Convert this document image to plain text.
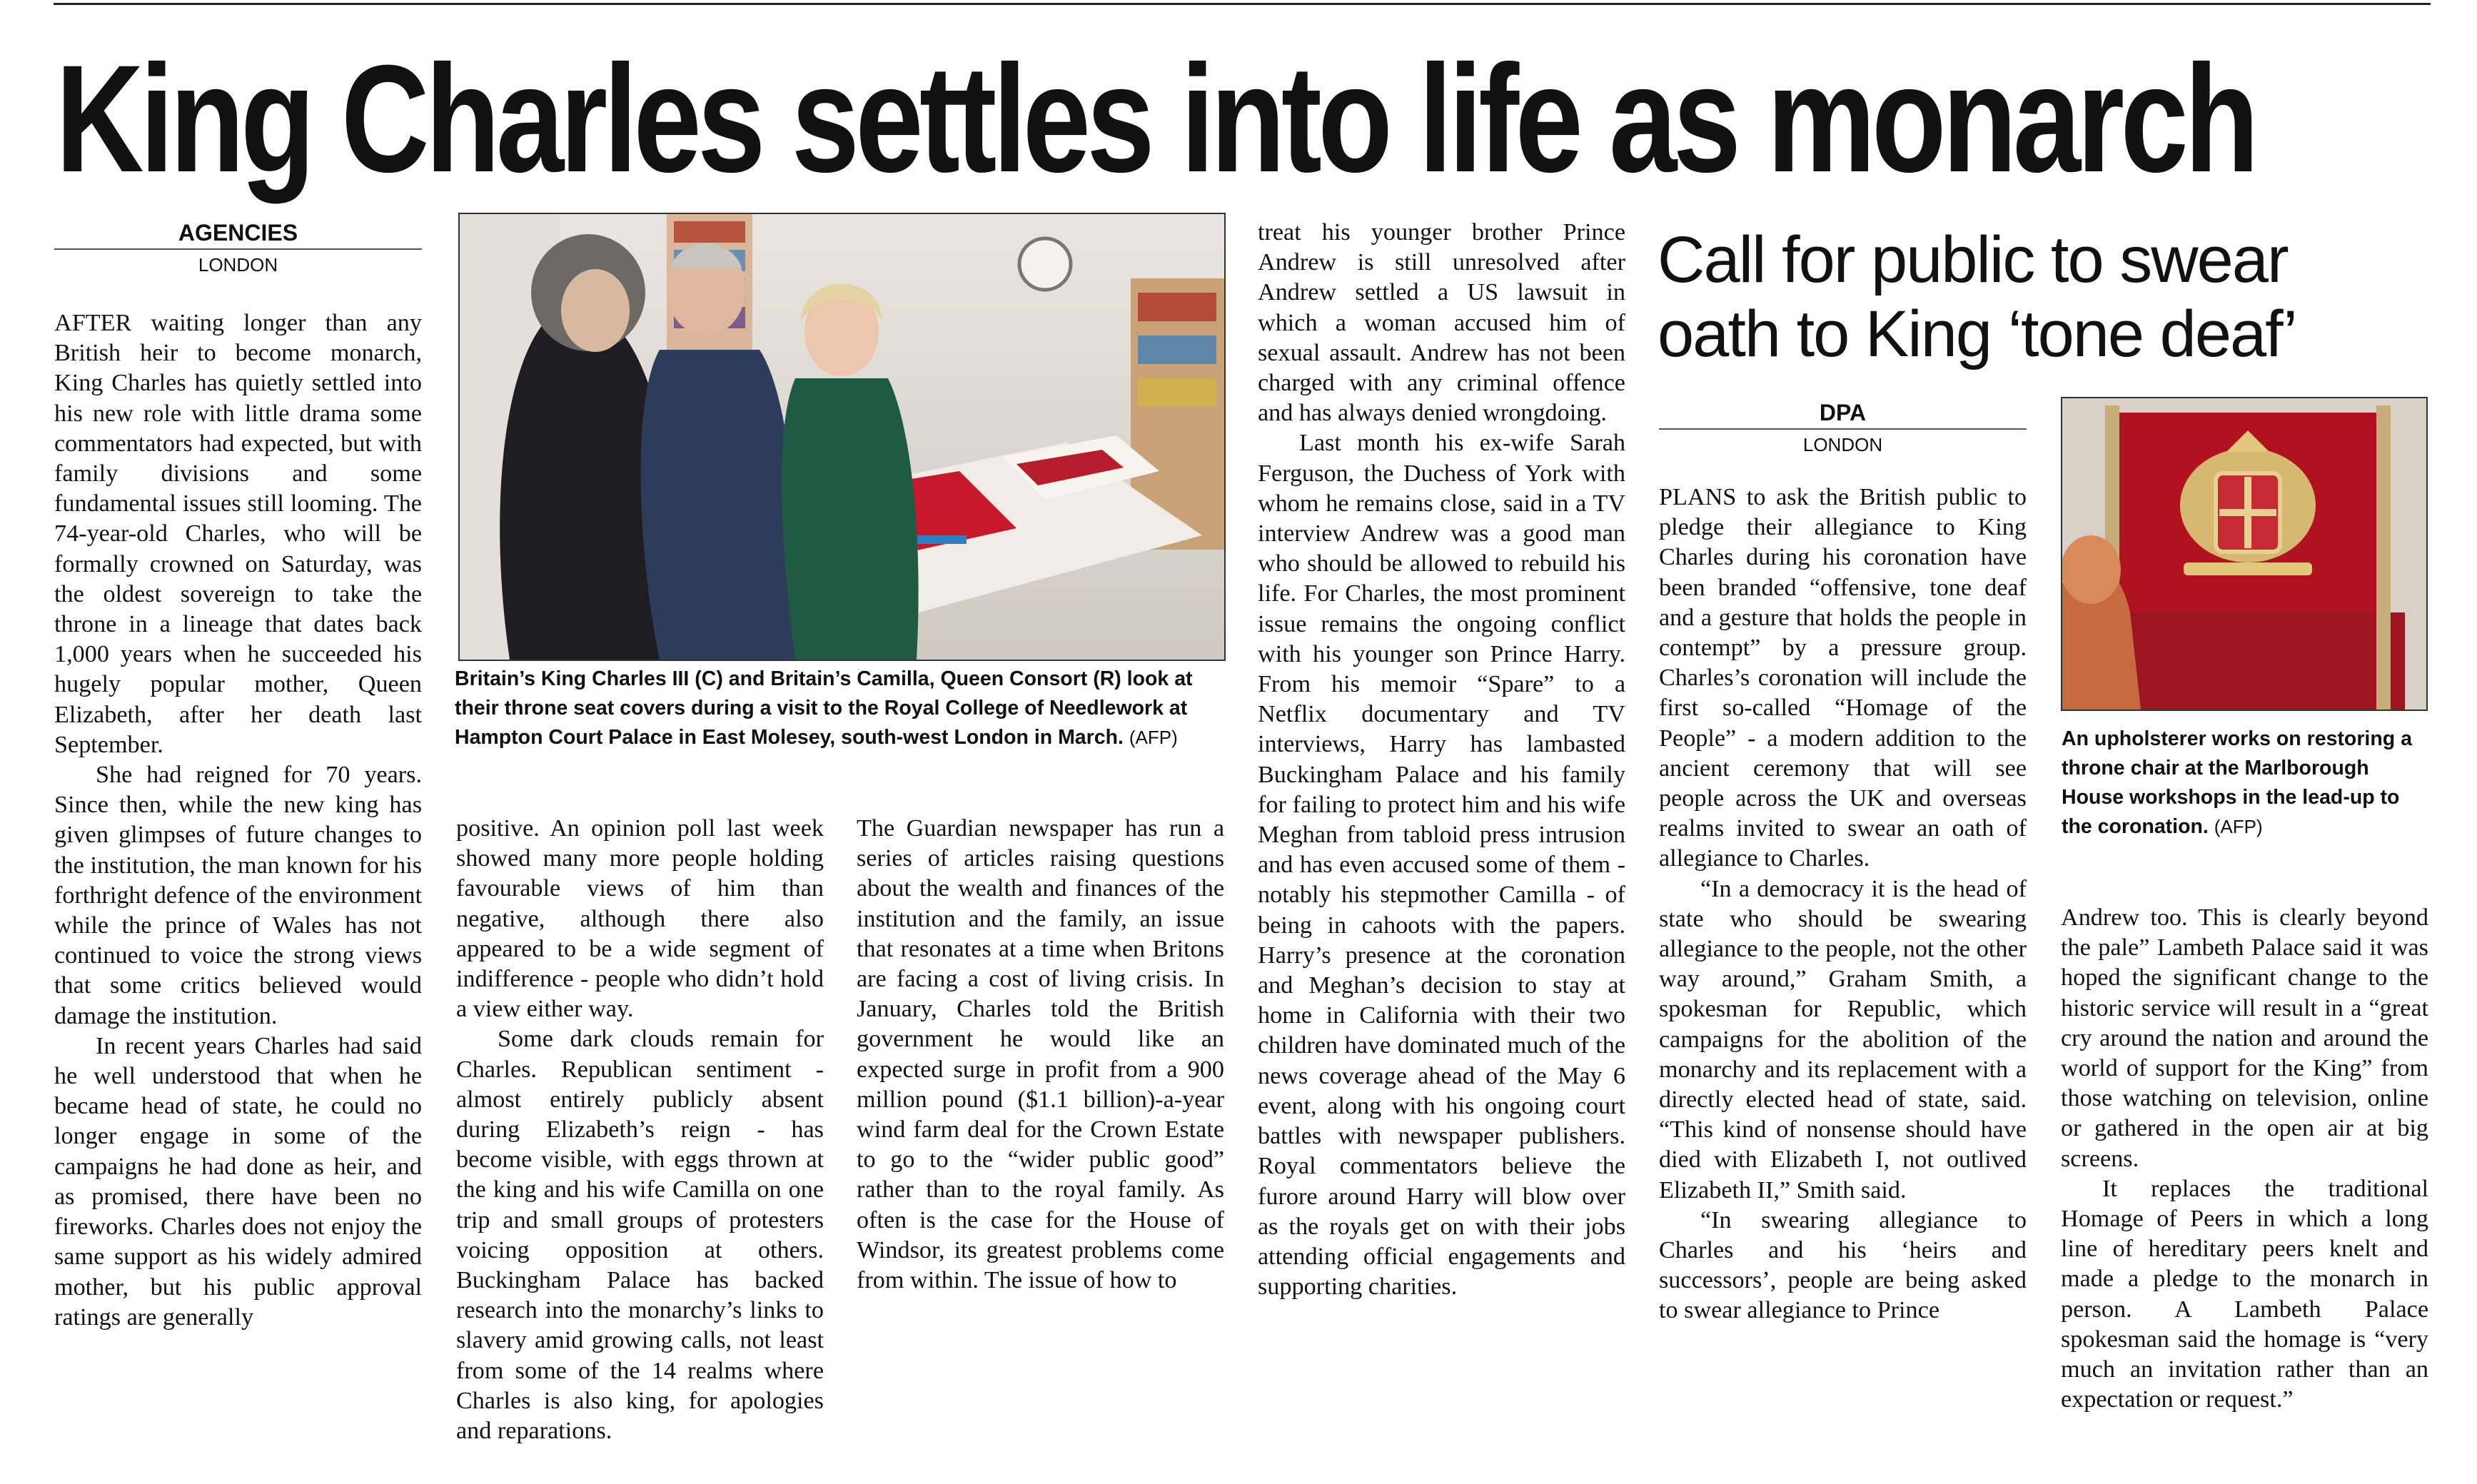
King Charles settles into life as monarch
AGENCIES
LONDON
Britain’s King Charles III (C) and Britain’s Camilla, Queen Consort (R) look at their throne seat covers during a visit to the Royal College of Needlework at Hampton Court Palace in East Molesey, south-west London in March. (AFP)

AFTER waiting longer than any British heir to become monarch, King Charles has quietly settled into his new role with little drama some commentators had expected, but with family divisions and some fundamental issues still looming. The 74-year-old Charles, who will be formally crowned on Saturday, was the oldest sovereign to take the throne in a lineage that dates back 1,000 years when he succeeded his hugely popular mother, Queen Elizabeth, after her death last September.

She had reigned for 70 years. Since then, while the new king has given glimpses of future changes to the institution, the man known for his forthright defence of the environment while the prince of Wales has not continued to voice the strong views that some critics believed would damage the institution.

In recent years Charles had said he well understood that when he became head of state, he could no longer engage in some of the campaigns he had done as heir, and as promised, there have been no fireworks. Charles does not enjoy the same support as his widely admired mother, but his public approval ratings are generally

positive. An opinion poll last week showed many more people holding favourable views of him than negative, although there also appeared to be a wide segment of indifference - people who didn’t hold a view either way.

Some dark clouds remain for Charles. Republican sentiment - almost entirely publicly absent during Elizabeth’s reign - has become visible, with eggs thrown at the king and his wife Camilla on one trip and small groups of protesters voicing opposition at others. Buckingham Palace has backed research into the monarchy’s links to slavery amid growing calls, not least from some of the 14 realms where Charles is also king, for apologies and reparations.

The Guardian newspaper has run a series of articles raising questions about the wealth and finances of the institution and the family, an issue that resonates at a time when Britons are facing a cost of living crisis. In January, Charles told the British government he would like an expected surge in profit from a 900 million pound ($1.1 billion)-a-year wind farm deal for the Crown Estate to go to the “wider public good” rather than to the royal family. As often is the case for the House of Windsor, its greatest problems come from within. The issue of how to

treat his younger brother Prince Andrew is still unresolved after Andrew settled a US lawsuit in which a woman accused him of sexual assault. Andrew has not been charged with any criminal offence and has always denied wrongdoing.

Last month his ex-wife Sarah Ferguson, the Duchess of York with whom he remains close, said in a TV interview Andrew was a good man who should be allowed to rebuild his life. For Charles, the most prominent issue remains the ongoing conflict with his younger son Prince Harry. From his memoir “Spare” to a Netflix documentary and TV interviews, Harry has lambasted Buckingham Palace and his family for failing to protect him and his wife Meghan from tabloid press intrusion and has even accused some of them - notably his stepmother Camilla - of being in cahoots with the papers. Harry’s presence at the coronation and Meghan’s decision to stay at home in California with their two children have dominated much of the news coverage ahead of the May 6 event, along with his ongoing court battles with newspaper publishers. Royal commentators believe the furore around Harry will blow over as the royals get on with their jobs attending official engagements and supporting charities.

Call for public to swear
oath to King ‘tone deaf’
DPA
LONDON
An upholsterer works on restoring a throne chair at the Marlborough House workshops in the lead-up to the coronation. (AFP)

PLANS to ask the British public to pledge their allegiance to King Charles during his coronation have been branded “offensive, tone deaf and a gesture that holds the people in contempt” by a pressure group. Charles’s coronation will include the first so-called “Homage of the People” - a modern addition to the ancient ceremony that will see people across the UK and overseas realms invited to swear an oath of allegiance to Charles.

“In a democracy it is the head of state who should be swearing allegiance to the people, not the other way around,” Graham Smith, a spokesman for Republic, which campaigns for the abolition of the monarchy and its replacement with a directly elected head of state, said. “This kind of nonsense should have died with Elizabeth I, not outlived Elizabeth II,” Smith said.

“In swearing allegiance to Charles and his ‘heirs and successors’, people are being asked to swear allegiance to Prince

Andrew too. This is clearly beyond the pale” Lambeth Palace said it was hoped the significant change to the historic service will result in a “great cry around the nation and around the world of support for the King” from those watching on television, online or gathered in the open air at big screens.

It replaces the traditional Homage of Peers in which a long line of hereditary peers knelt and made a pledge to the monarch in person. A Lambeth Palace spokesman said the homage is “very much an invitation rather than an expectation or request.”
